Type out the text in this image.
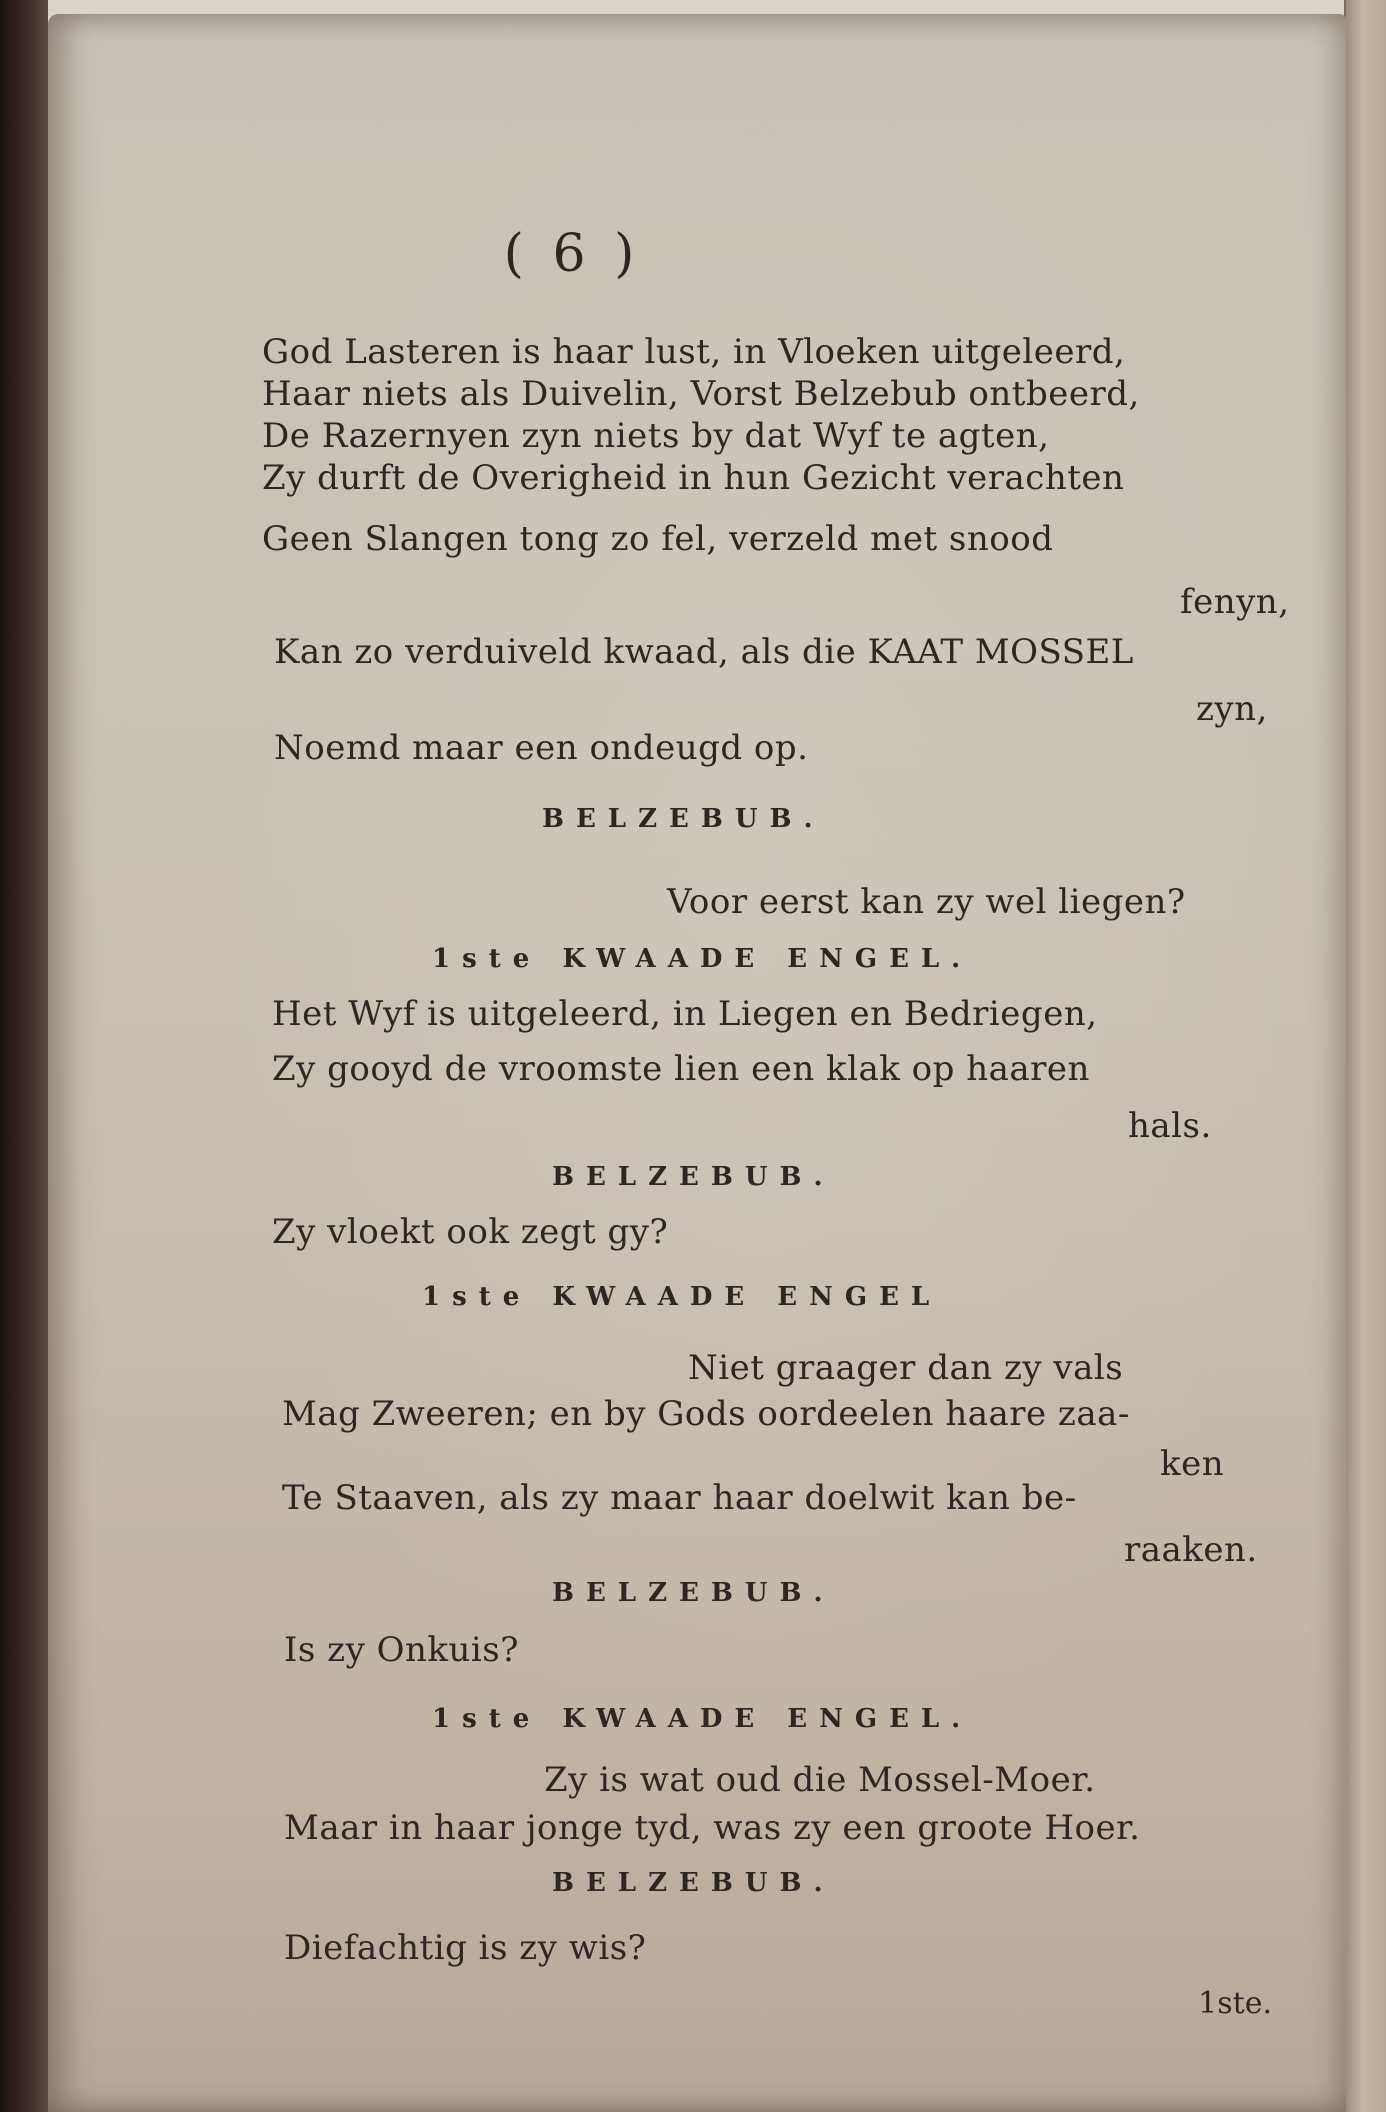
( 6 )
God Lasteren is haar lust, in Vloeken uitgeleerd,
Haar niets als Duivelin, Vorst Belzebub ontbeerd,
De Razernyen zyn niets by dat Wyf te agten,
Zy durft de Overigheid in hun Gezicht verachten
Geen Slangen tong zo fel, verzeld met snood
fenyn,
Kan zo verduiveld kwaad, als die KAAT MOSSEL
zyn,
Noemd maar een ondeugd op.
BELZEBUB.
Voor eerst kan zy wel liegen?
1ste KWAADE ENGEL.
Het Wyf is uitgeleerd, in Liegen en Bedriegen,
Zy gooyd de vroomste lien een klak op haaren
hals.
BELZEBUB.
Zy vloekt ook zegt gy?
1ste KWAADE ENGEL
Niet graager dan zy vals
Mag Zweeren; en by Gods oordeelen haare zaa-
ken
Te Staaven, als zy maar haar doelwit kan be-
raaken.
BELZEBUB.
Is zy Onkuis?
1ste KWAADE ENGEL.
Zy is wat oud die Mossel-Moer.
Maar in haar jonge tyd, was zy een groote Hoer.
BELZEBUB.
Diefachtig is zy wis?
1ste.
